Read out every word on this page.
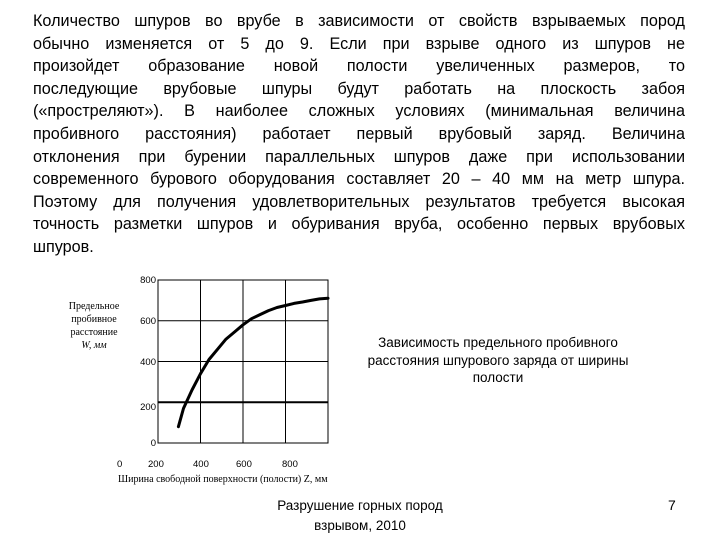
Количество шпуров во врубе в зависимости от свойств взрываемых пород
обычно изменяется от 5 до 9. Если при взрыве одного из шпуров не
произойдет образование новой полости увеличенных размеров, то
последующие врубовые шпуры будут работать на плоскость забоя
(«простреляют»). В наиболее сложных условиях (минимальная величина
пробивного расстояния) работает первый врубовый заряд. Величина
отклонения при бурении параллельных шпуров даже при использовании
современного бурового оборудования составляет 20 – 40 мм на метр шпура.
Поэтому для получения удовлетворительных результатов требуется высокая
точность разметки шпуров и обуривания вруба, особенно первых врубовых
шпуров.
Предельное
пробивное
расстояние
W, мм
800
600
400
200
0
0	200	400	600	800
Ширина свободной поверхности (полости) Z, мм
Зависимость предельного пробивного расстояния шпурового заряда от ширины полости
Разрушение горных пород
взрывом, 2010
7
